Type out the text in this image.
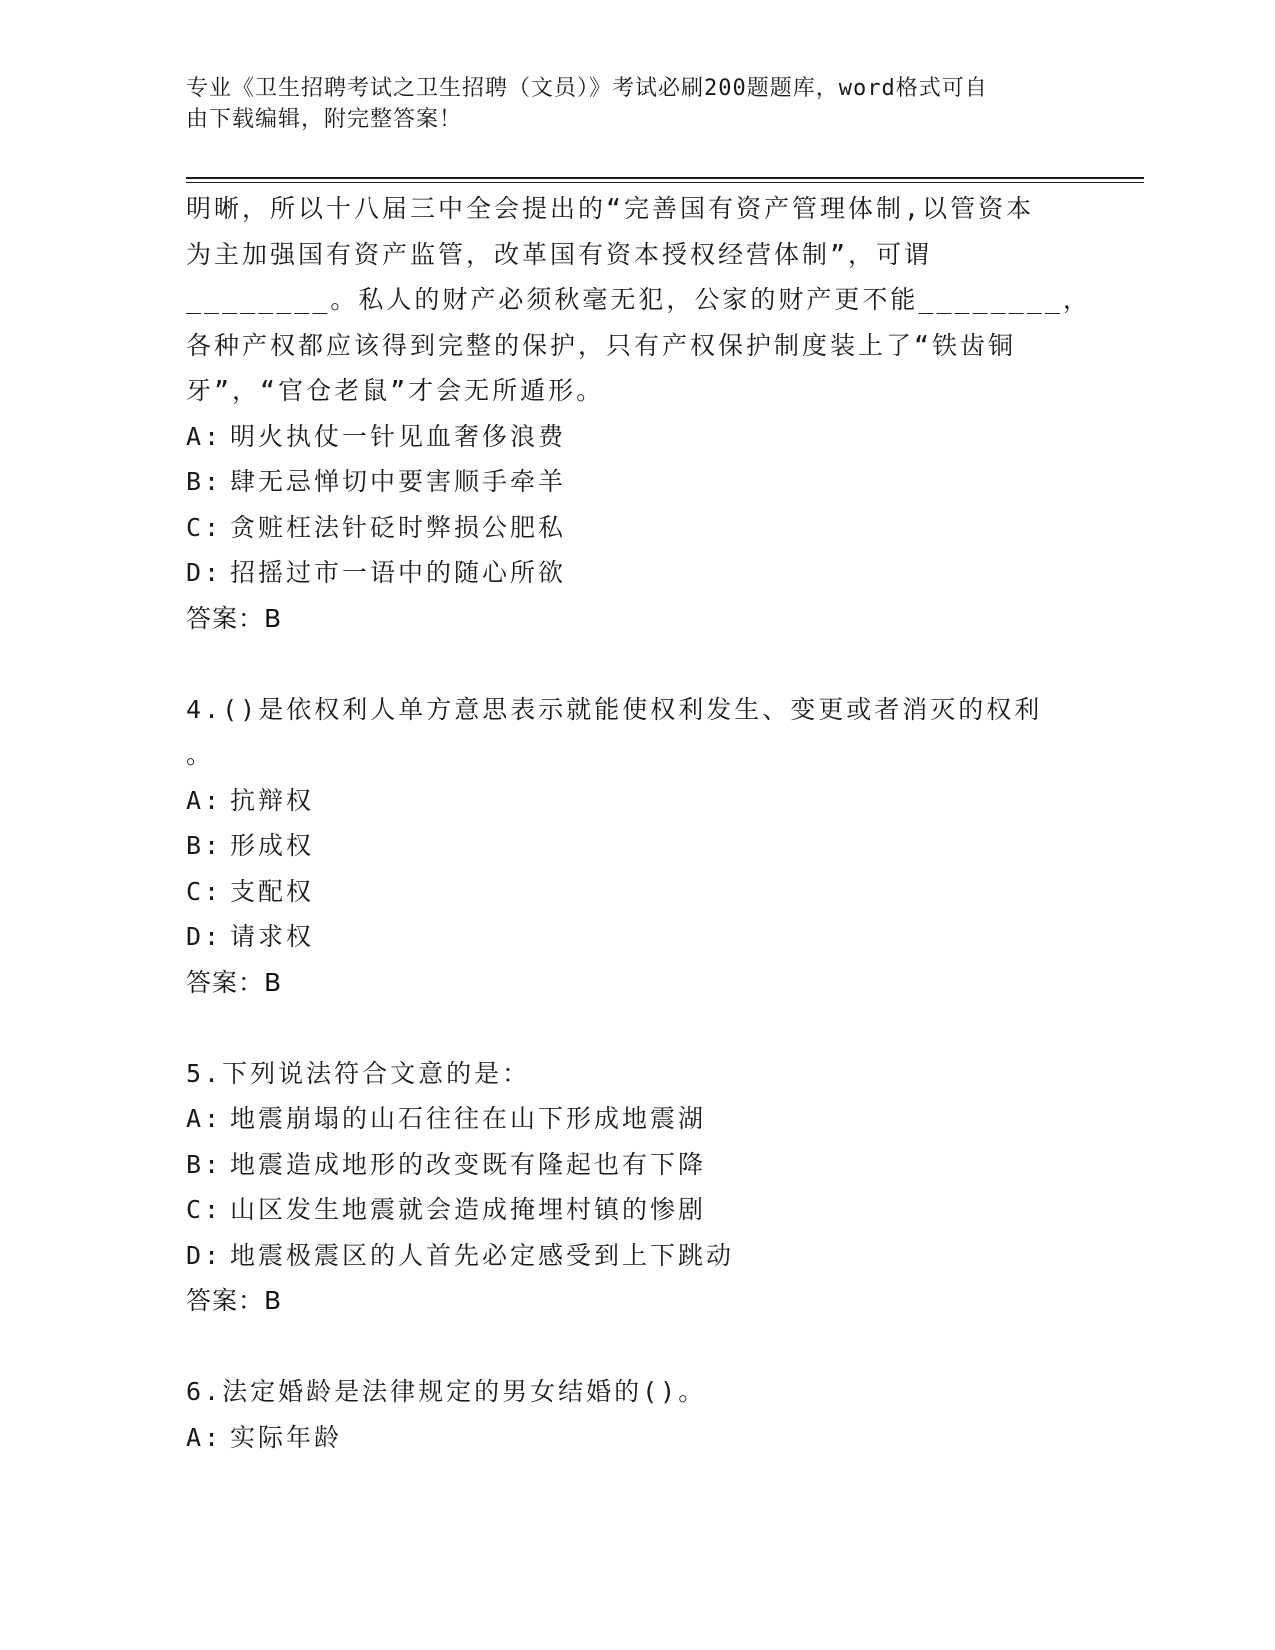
专业《卫生招聘考试之卫生招聘（文员）》考试必刷200题题库，word格式可自
由下载编辑，附完整答案！
明晰，所以十八届三中全会提出的“完善国有资产管理体制,以管资本
为主加强国有资产监管，改革国有资本授权经营体制”，可谓
________。私人的财产必须秋毫无犯，公家的财产更不能________，
各种产权都应该得到完整的保护，只有产权保护制度装上了“铁齿铜
牙”，“官仓老鼠”才会无所遁形。
A: 明火执仗一针见血奢侈浪费
B: 肆无忌惮切中要害顺手牵羊
C: 贪赃枉法针砭时弊损公肥私
D: 招摇过市一语中的随心所欲
答案：B
4.()是依权利人单方意思表示就能使权利发生、变更或者消灭的权利
。
A: 抗辩权
B: 形成权
C: 支配权
D: 请求权
答案：B
5.下列说法符合文意的是：
A: 地震崩塌的山石往往在山下形成地震湖
B: 地震造成地形的改变既有隆起也有下降
C: 山区发生地震就会造成掩埋村镇的惨剧
D: 地震极震区的人首先必定感受到上下跳动
答案：B
6.法定婚龄是法律规定的男女结婚的()。
A: 实际年龄
